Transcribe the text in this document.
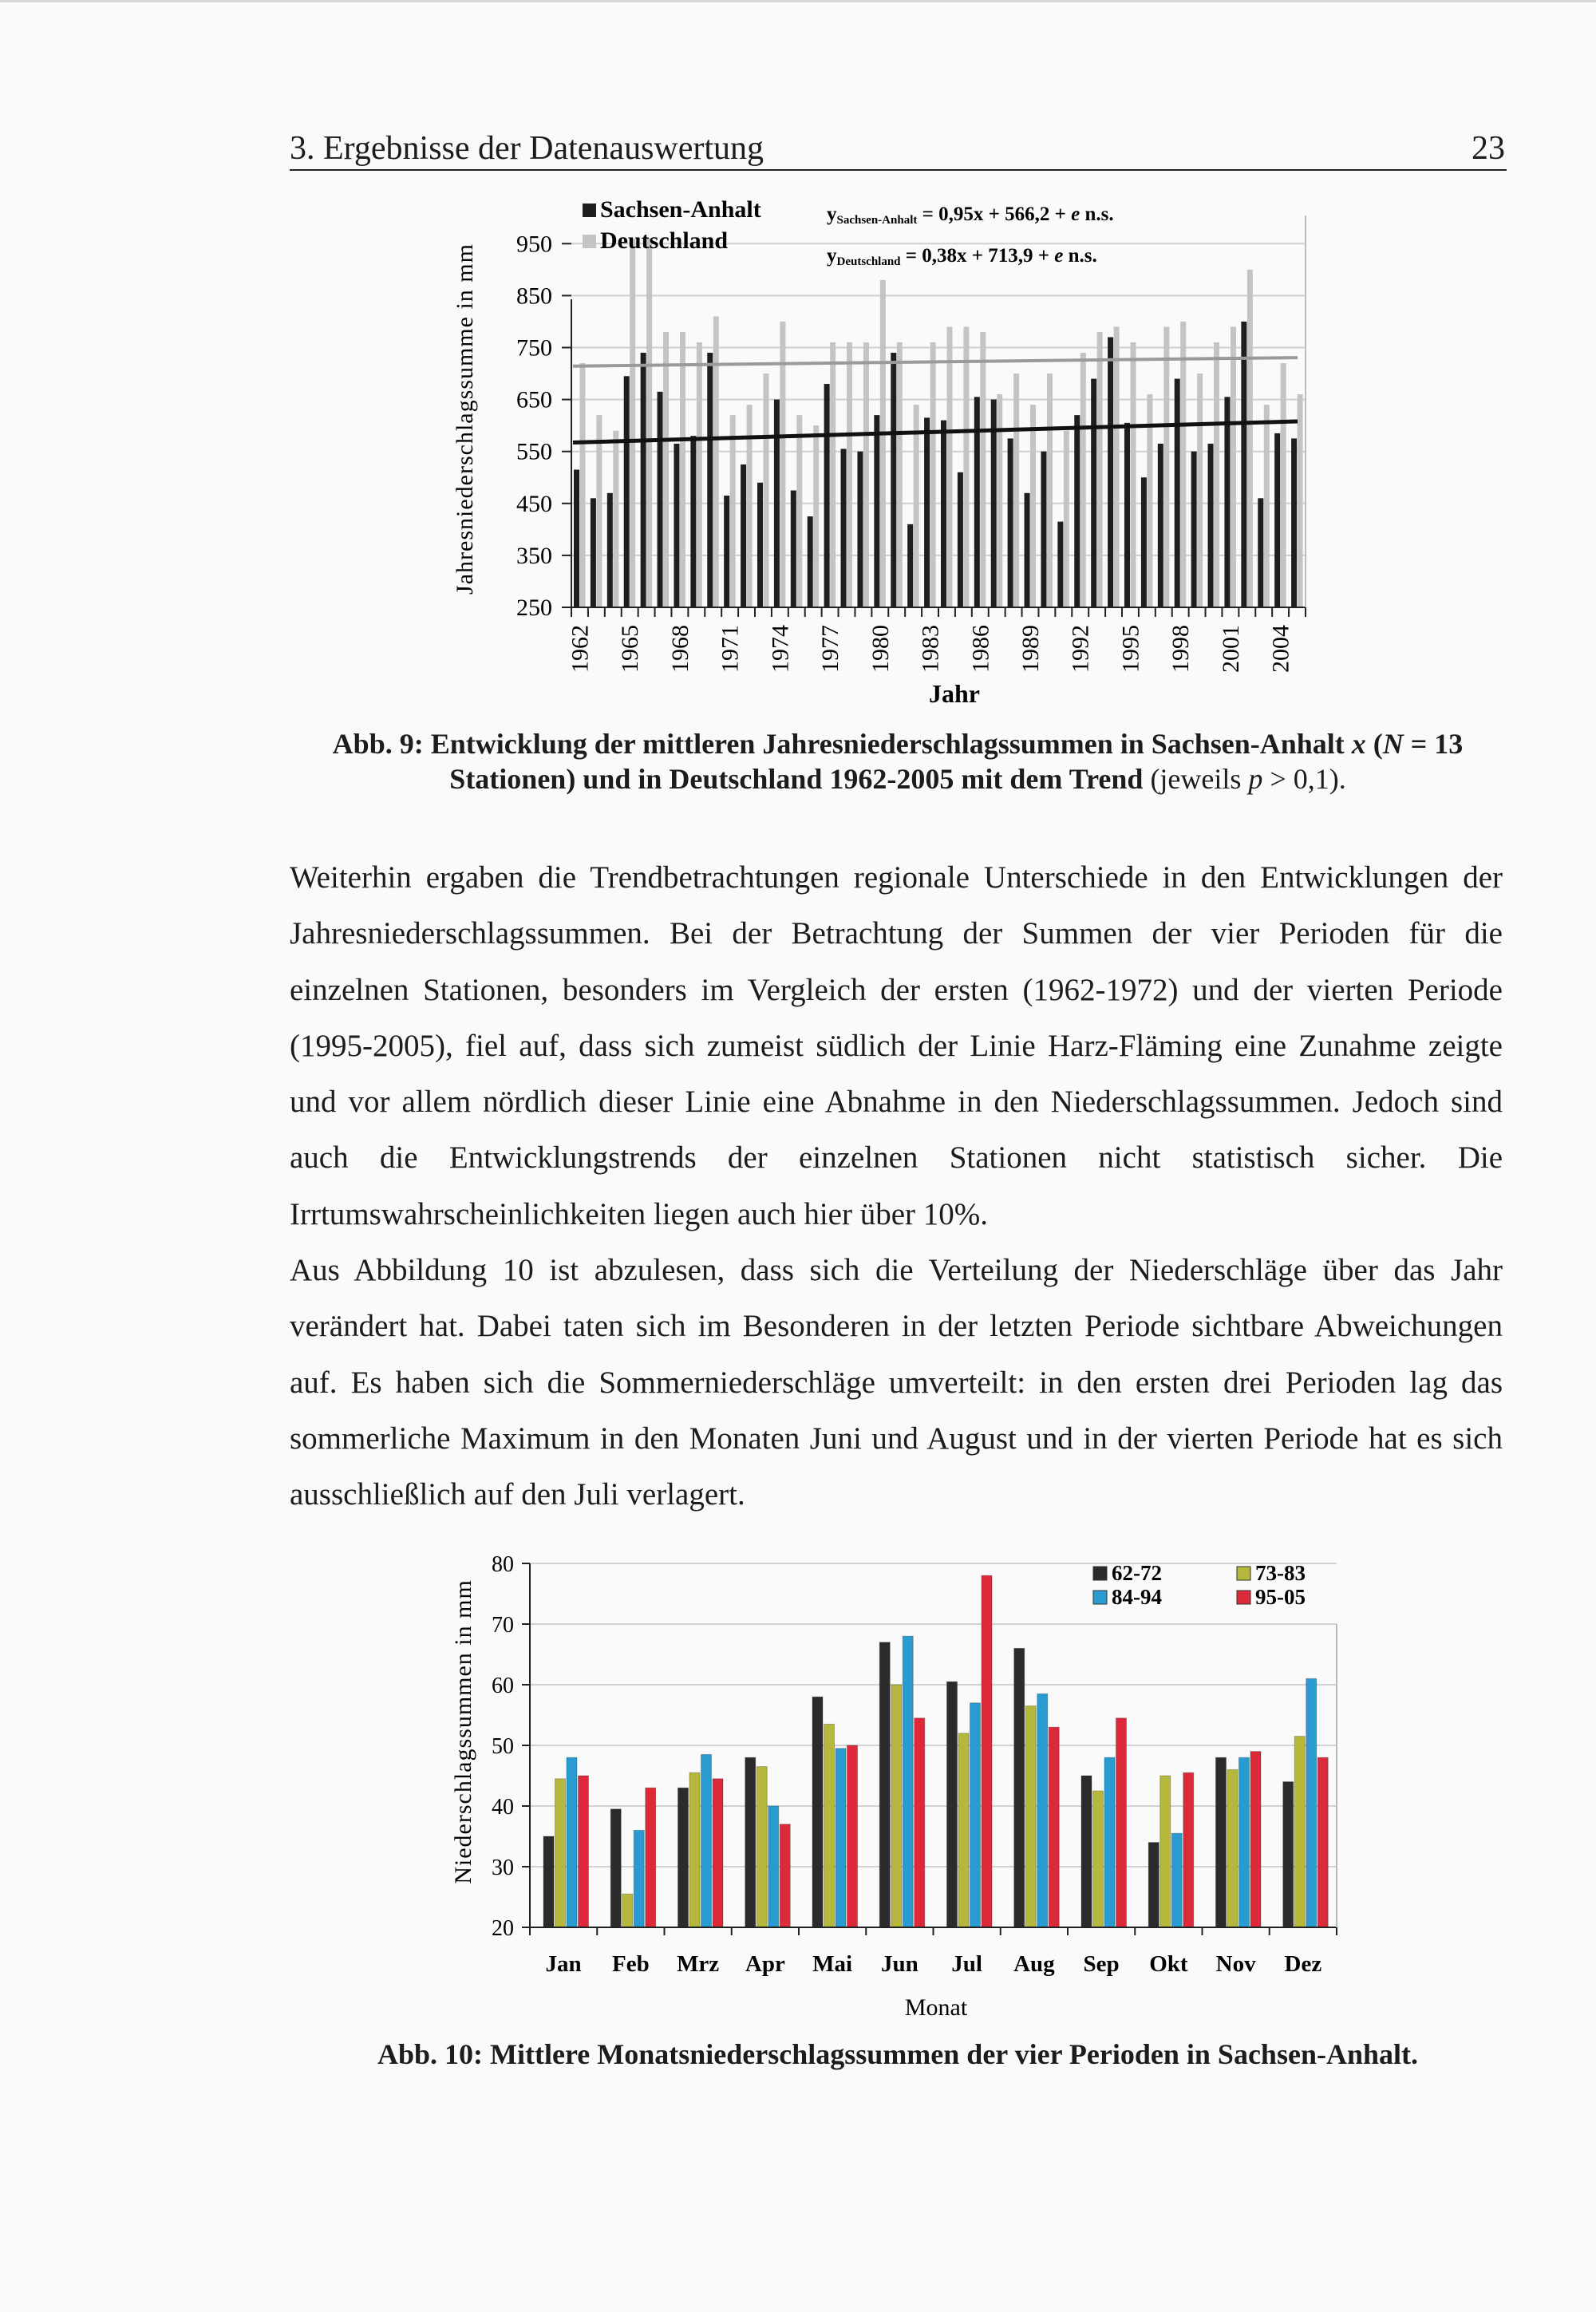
3. Ergebnisse der Datenauswertung	23
250
350
450
550
650
750
850
950
1962 1965 1968 1971 1974 1977 1980 1983 1986 1989 1992 1995 1998 2001 2004
Jahresniederschlagssumme in mm
Jahr
Sachsen-Anhalt
Deutschland
ySachsen-Anhalt = 0,95x + 566,2 + e n.s.
yDeutschland = 0,38x + 713,9 + e n.s.
Abb. 9: Entwicklung der mittleren Jahresniederschlagssummen in Sachsen-Anhalt x (N = 13 Stationen) und in Deutschland 1962-2005 mit dem Trend (jeweils p > 0,1).

Weiterhin ergaben die Trendbetrachtungen regionale Unterschiede in den Entwicklungen der Jahresniederschlagssummen. Bei der Betrachtung der Summen der vier Perioden für die einzelnen Stationen, besonders im Vergleich der ersten (1962-1972) und der vierten Periode (1995-2005), fiel auf, dass sich zumeist südlich der Linie Harz-Fläming eine Zunahme zeigte und vor allem nördlich dieser Linie eine Abnahme in den Niederschlagssummen. Jedoch sind auch die Entwicklungstrends der einzelnen Stationen nicht statistisch sicher. Die Irrtumswahrscheinlichkeiten liegen auch hier über 10%.

Aus Abbildung 10 ist abzulesen, dass sich die Verteilung der Niederschläge über das Jahr verändert hat. Dabei taten sich im Besonderen in der letzten Periode sichtbare Abweichungen auf. Es haben sich die Sommerniederschläge umverteilt: in den ersten drei Perioden lag das sommerliche Maximum in den Monaten Juni und August und in der vierten Periode hat es sich ausschließlich auf den Juli verlagert.

20
30
40
50
60
70
80
Jan Feb Mrz Apr Mai Jun Jul Aug Sep Okt Nov Dez
Niederschlagssummen in mm
Monat
62-72	73-83
84-94	95-05
Abb. 10: Mittlere Monatsniederschlagssummen der vier Perioden in Sachsen-Anhalt.
